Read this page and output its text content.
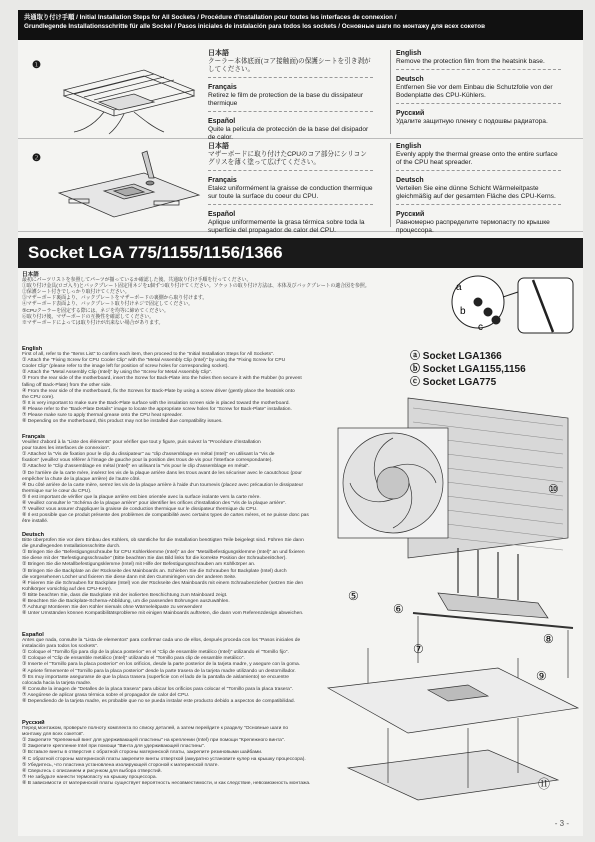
共通取り付け手順 / Initial Installation Steps for All Sockets / Procédure d'installation pour toutes les interfaces de connexion /
Grundlegende Installationsschritte für alle Sockel / Pasos iniciales de instalación para todos los sockets / Основные шаги по монтажу для всех сокетов
❶
日本語
クーラー本体底面(コア接触面)の保護シートを引き剥がしてください。
Français
Retirez le film de protection de la base du dissipateur thermique
Español
Quite la película de protección de la base del disipador de calor.
English
Remove the protection film from the heatsink base.
Deutsch
Entfernen Sie vor dem Einbau die Schutzfolie von der Bodenplatte des CPU-Kühlers.
Русский
Удалите защитную пленку с подошвы радиатора.
❷
日本語
マザーボードに取り付けたCPUのコア部分にシリコングリスを薄く塗って広げてください。
Français
Etalez uniformément la graisse de conduction thermique sur toute la surface du coeur du CPU.
Español
Aplique uniformemente la grasa térmica sobre toda la superficie del propagador de calor del CPU.
English
Evenly apply the thermal grease onto the entire surface of the CPU heat spreader.
Deutsch
Verteilen Sie eine dünne Schicht Wärmeleitpaste gleichmäßig auf der gesamten Fläche des CPU-Kerns.
Русский
Равномерно распределите термопасту по крышке процессора.
Socket LGA 775/1155/1156/1366
a
b
c
ⓐ Socket LGA1366
ⓑ Socket LGA1155,1156
ⓒ Socket LGA775
日本語
最初にパーツリストを参照してパーツが揃っているか確認した後、共通取り付け手順を行ってください。
①取り付け金具(ロゴ入り)とバックプレート固定用ネジを1個ずつ取り付けてください。ソケットの取り付け方法は、本体及びバックプレートの適合図を参照。
②保護シート付きでしっかり取付けてください。
③マザーボード裏面より、バックプレートをマザーボードの裏側から取り付けます。
④マザーボード表面より、バックプレート取り付けネジで固定してください。
⑤CPUクーラーを固定する際には、ネジを均等に締めてください。
⑥取り付け後、マザーボードの互換性を確認してください。
※マザーボードによっては取り付けが出来ない場合があります。
English
First of all, refer to the "Items List" to confirm each item, then proceed to the "Initial Installation Steps for All Sockets".
① Attach the "Fixing Screw for CPU Cooler Clip" with the "Metal Assembly Clip (Intel)" by using the "Fixing Screw for CPU
Cooler Clip" (please refer to the image left for position of screw holes for corresponding socket).
② Attach the "Metal Assembly Clip (Intel)" by using the "Screw for Metal Assembly Clip".
③ From the rear side of the motherboard, insert the Screw for Back-Plate into the holes then secure it with the Rubber (to prevent
falling off Back-Plate) from the other side.
④ From the rear side of the motherboard, fix the Screws for Back-Plate by using a screw driver (gently place the heatsink onto
the CPU core).
⑤ It is very important to make sure the Back-Plate surface with the insulation screen side is placed toward the motherboard.
⑥ Please refer to the "Back-Plate Details" image to locate the appropriate screw holes for "Screw for Back-Plate" installation.
⑦ Please make sure to apply thermal grease onto the CPU heat spreader.
⑧ Depending on the motherboard, this product may not be installed due compatibility issues.
Français
Veuillez d'abord à la "Liste des éléments" pour vérifier que tout y figure, puis suivez la "Procédure d'installation
pour toutes les interfaces de connexion".
① Attachez la "Vis de fixation pour le clip du dissipateur" au "clip d'assemblage en métal (Intel)" en utilisant la "Vis de
fixation" (veuillez vous référer à l'image de gauche pour la position des trous de vis pour l'interface correspondante).
② Attachez le "Clip d'assemblage en métal (Intel)" en utilisant la "Vis pour le clip d'assemblage en métal".
③ De l'arrière de la carte mère, insérez les vis de la plaque arrière dans les trous avant de les sécuriser avec le caoutchouc (pour
empêcher la chute de la plaque arrière) de l'autre côté.
④ Du côté arrière de la carte mère, serrez les vis de la plaque arrière à l'aide d'un tournevis (placez avec précaution le dissipateur
thermique sur le cœur du CPU).
⑤ Il est important de vérifier que la plaque arrière est bien orientée avec la surface isolante vers la carte mère.
⑥ Veuillez consulter le "Schéma de la plaque arrière" pour identifier les orifices d'installation des "Vis de la plaque arrière".
⑦ Veuillez vous assurer d'appliquer la graisse de conduction thermique sur le dissipateur thermique du CPU.
⑧ Il est possible que ce produit présente des problèmes de compatibilité avec certains types de cartes mères, et ne puisse donc pas
être installé.
Deutsch
Bitte überprüfen Sie vor dem Einbau des Kühlers, ob sämtliche für die Installation benötigten Teile beigelegt sind. Führen Sie dann
die grundlegenden Installationsschritte durch.
① Bringen Sie die "Befestigungsschraube für CPU Kühlerklemme (Intel)" an der "Metallbefestigungsklemme (Intel)" an und fixieren
Sie diese mit der "Befestigungsschraube" (Bitte beachten Sie das Bild links für die korrekte Position der Schraubenlöcher).
② Bringen Sie die Metallbefestigungsklemme (Intel) mit Hilfe der Befestigungsschrauben am Kühlkörper an.
③ Bringen Sie die Backplate an der Rückseite des Mainboards an. Schieben Sie die Schrauben für Backplate (Intel) durch
die vorgesehenen Löcher und fixieren Sie diese dann mit den Gummiringen von der anderen Seite.
④ Fixieren Sie die Schrauben für Backplate (Intel) von der Rückseite des Mainboards mit einem Schraubenzieher (setzen Sie den
Kühlkörper vorsichtig auf den CPU-Kern).
⑤ Bitte beachten Sie, dass die Backplate mit der isolierten Beschichtung zum Mainboard zeigt.
⑥ Beachten Sie die Backplate-Schema-Abbildung, um die passenden Bohrungen auszuwählen.
⑦ Achtung! Montieren Sie den Kühler niemals ohne Wärmeleitpaste zu verwenden!
⑧ Unter Umständen können Kompatibilitätsprobleme mit einigen Mainboards auftreten, die dann vom Referenzdesign abweichen.
Español
Antes que nada, consulte la "Lista de elementos" para confirmar cada uno de ellos, después proceda con los "Pasos iniciales de
instalación para todos los sockets".
① Coloque el "Tornillo fijo para clip de la placa posterior" en el "Clip de ensamble metálico (Intel)" utilizando el "Tornillo fijo".
② Coloque el "Clip de ensamble metálico (Intel)" utilizando el "Tornillo para clip de ensamble metálico".
③ Inserte el "Tornillo para la placa posterior" en los orificios, desde la parte posterior de la tarjeta madre, y asegure con la goma.
④ Apriete firmemente el "Tornillo para la placa posterior" desde la parte trasera de la tarjeta madre utilizando un destornillador.
⑤ Es muy importante asegurarse de que la placa trasera (superficie con el lado de la pantalla de aislamiento) se encuentre
colocada hacia la tarjeta madre.
⑥ Consulte la imagen de "Detalles de la placa trasera" para ubicar los orificios para colocar el "Tornillo para la placa trasera".
⑦ Asegúrese de aplicar grasa térmica sobre el propagador de calor del CPU.
⑧ Dependiendo de la tarjeta madre, es probable que no se pueda instalar este producto debido a aspectos de compatibilidad.
Русский
Перед монтажом, проверьте полноту комплекта по списку деталей, а затем перейдите к разделу "Основные шаги по
монтажу для всех сокетов".
① Закрепите "Крепежный винт для удерживающей пластины" на креплении (Intel) при помощи "Крепежного винта".
② Закрепите крепление Intel при помощи "Винта для удерживающей пластины".
③ Вставьте винты в отверстия с обратной стороны материнской платы, закрепите резиновыми шайбами.
④ С обратной стороны материнской платы закрепите винты отверткой (аккуратно установите кулер на крышку процессора).
⑤ Убедитесь, что пластина установлена изолирующей стороной к материнской плате.
⑥ Сверьтесь с описанием и рисунком для выбора отверстий.
⑦ Не забудьте нанести термопасту на крышку процессора.
⑧ В зависимости от материнской платы существует вероятность несовместимости, и как следствие, невозможность монтажа.
⑤
⑥
⑦
⑧
⑨
⑩
⑪
- 3 -
